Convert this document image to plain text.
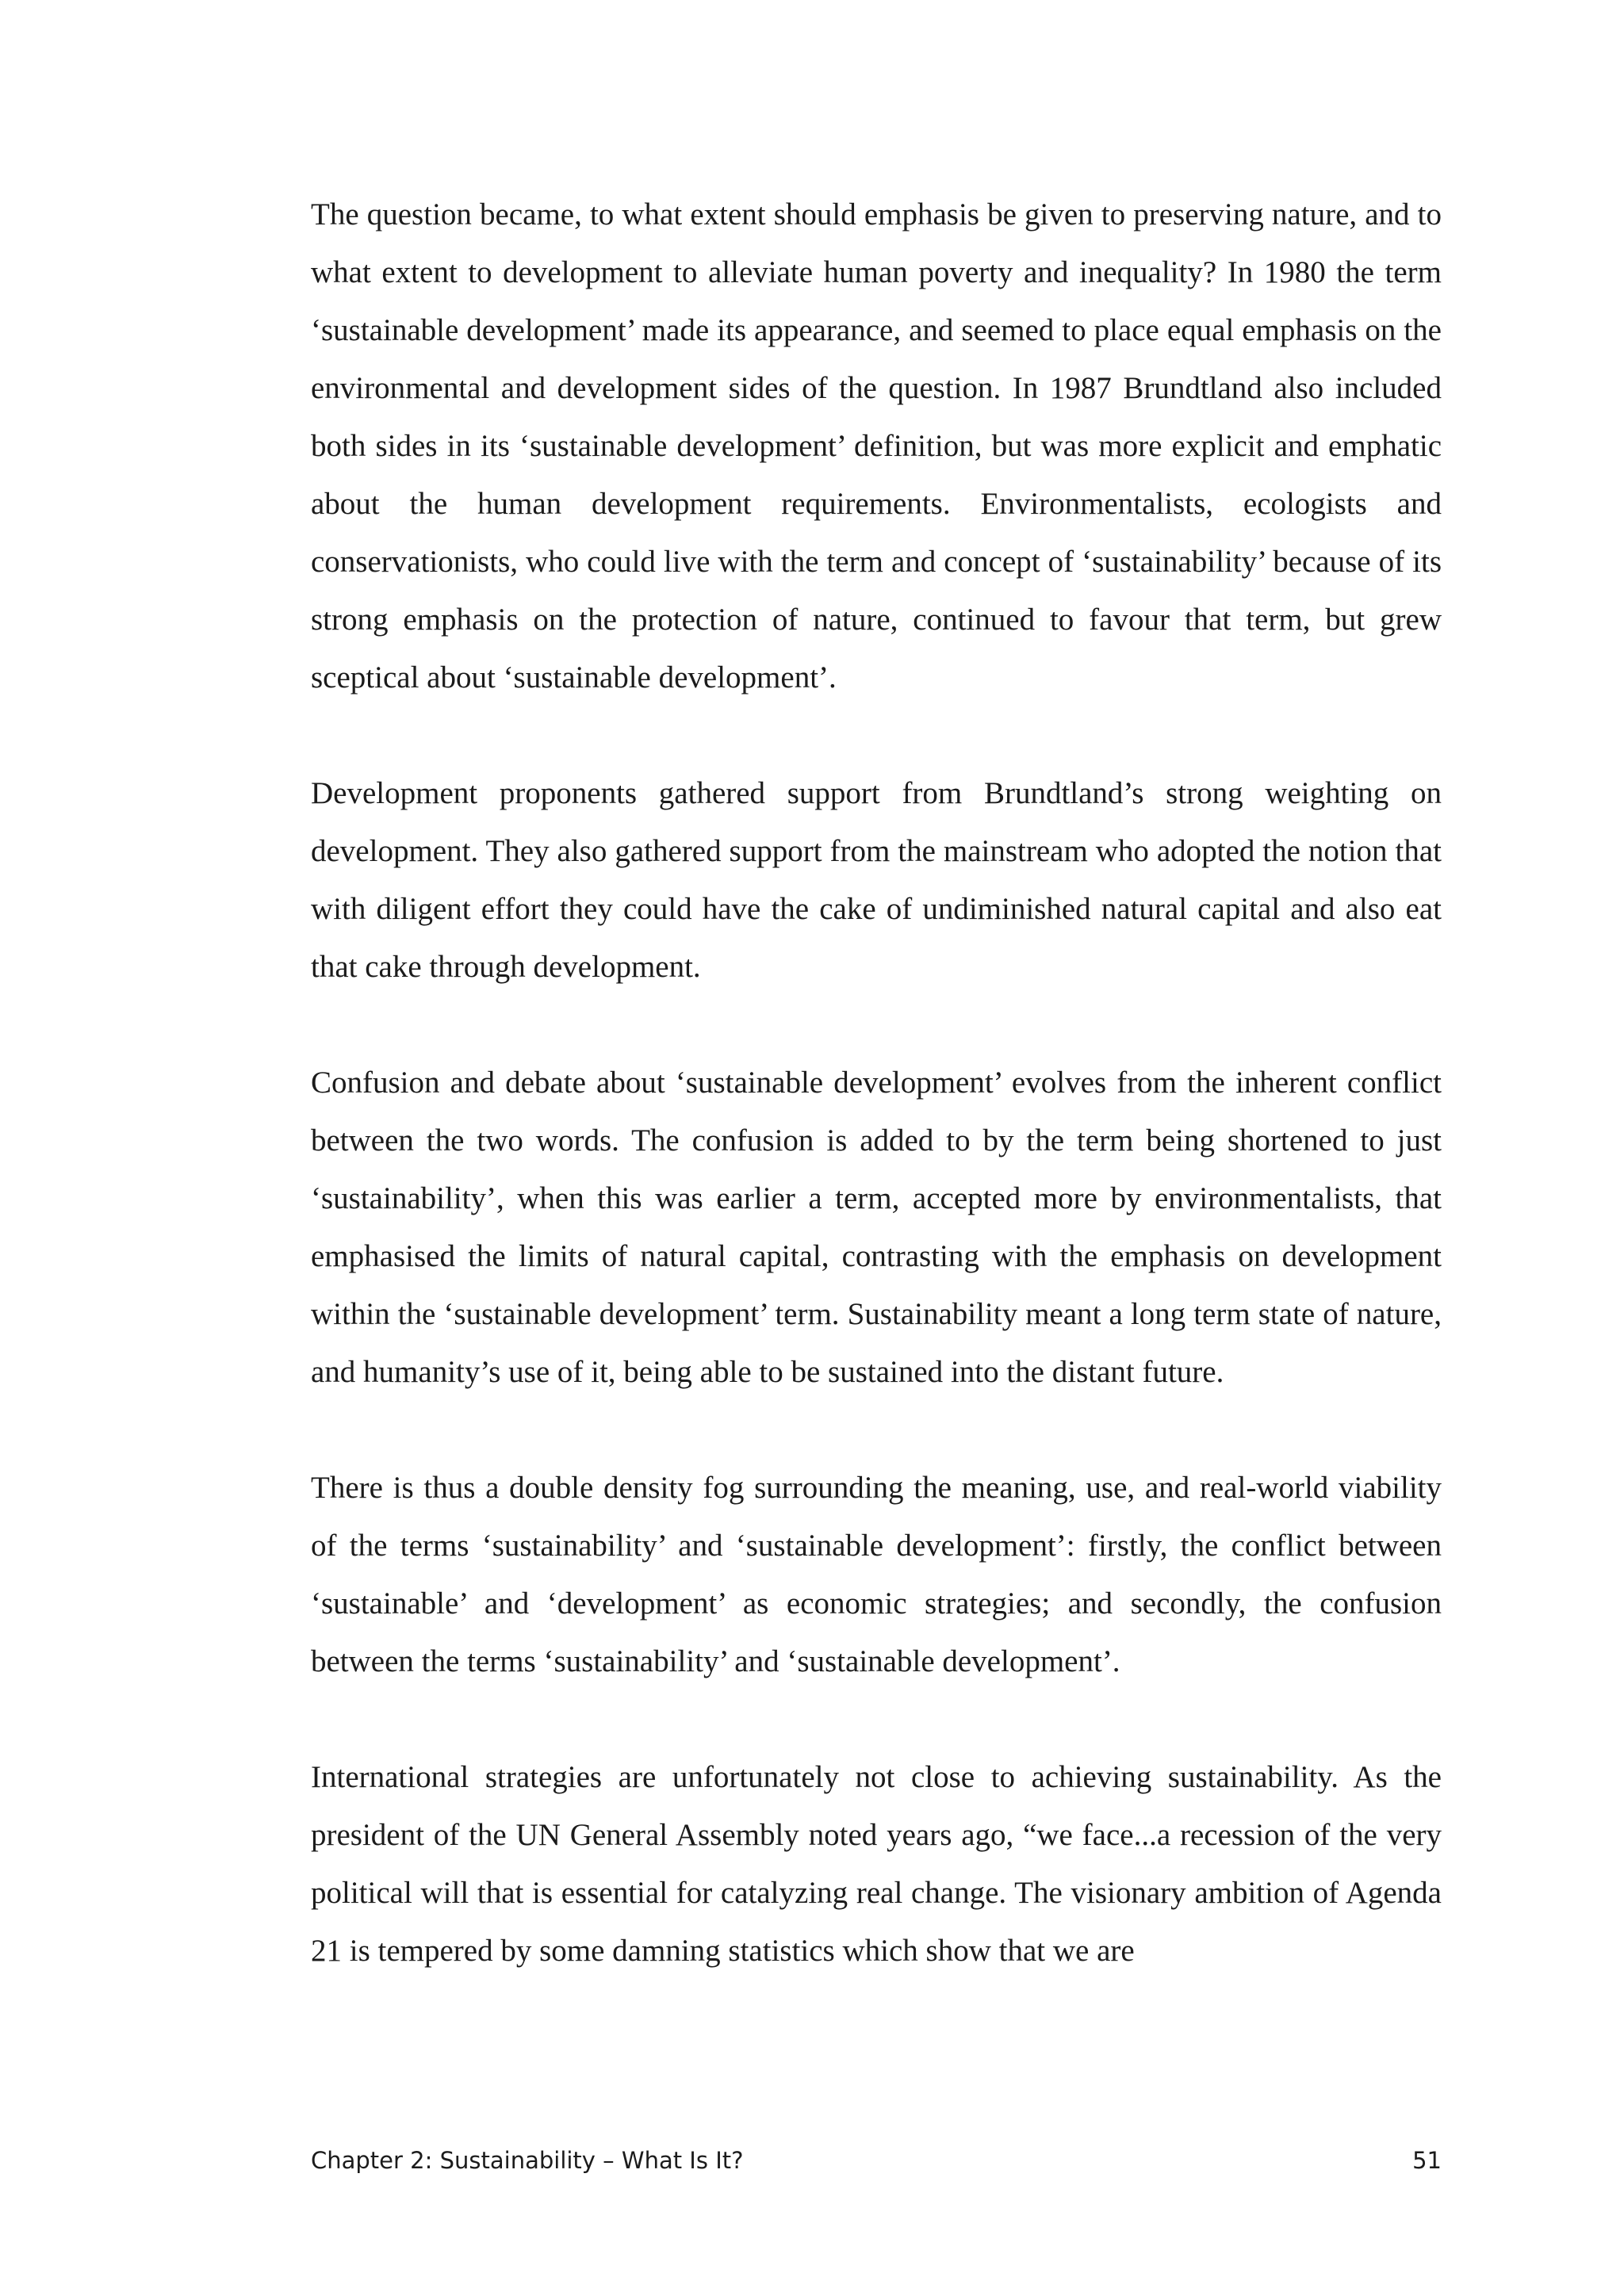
The question became, to what extent should emphasis be given to preserving nature, and to what extent to development to alleviate human poverty and inequality? In 1980 the term ‘sustainable development’ made its appearance, and seemed to place equal emphasis on the environmental and development sides of the question. In 1987 Brundtland also included both sides in its ‘sustainable development’ definition, but was more explicit and emphatic about the human development requirements. Environmentalists, ecologists and conservationists, who could live with the term and concept of ‘sustainability’ because of its strong emphasis on the protection of nature, continued to favour that term, but grew sceptical about ‘sustainable development’.

Development proponents gathered support from Brundtland’s strong weighting on development. They also gathered support from the mainstream who adopted the notion that with diligent effort they could have the cake of undiminished natural capital and also eat that cake through development.

Confusion and debate about ‘sustainable development’ evolves from the inherent conflict between the two words. The confusion is added to by the term being shortened to just ‘sustainability’, when this was earlier a term, accepted more by environmentalists, that emphasised the limits of natural capital, contrasting with the emphasis on development within the ‘sustainable development’ term. Sustainability meant a long term state of nature, and humanity’s use of it, being able to be sustained into the distant future.

There is thus a double density fog surrounding the meaning, use, and real-world viability of the terms ‘sustainability’ and ‘sustainable development’: firstly, the conflict between ‘sustainable’ and ‘development’ as economic strategies; and secondly, the confusion between the terms ‘sustainability’ and ‘sustainable development’.

International strategies are unfortunately not close to achieving sustainability. As the president of the UN General Assembly noted years ago, “we face...a recession of the very political will that is essential for catalyzing real change. The visionary ambition of Agenda 21 is tempered by some damning statistics which show that we are

Chapter 2: Sustainability – What Is It?	51
